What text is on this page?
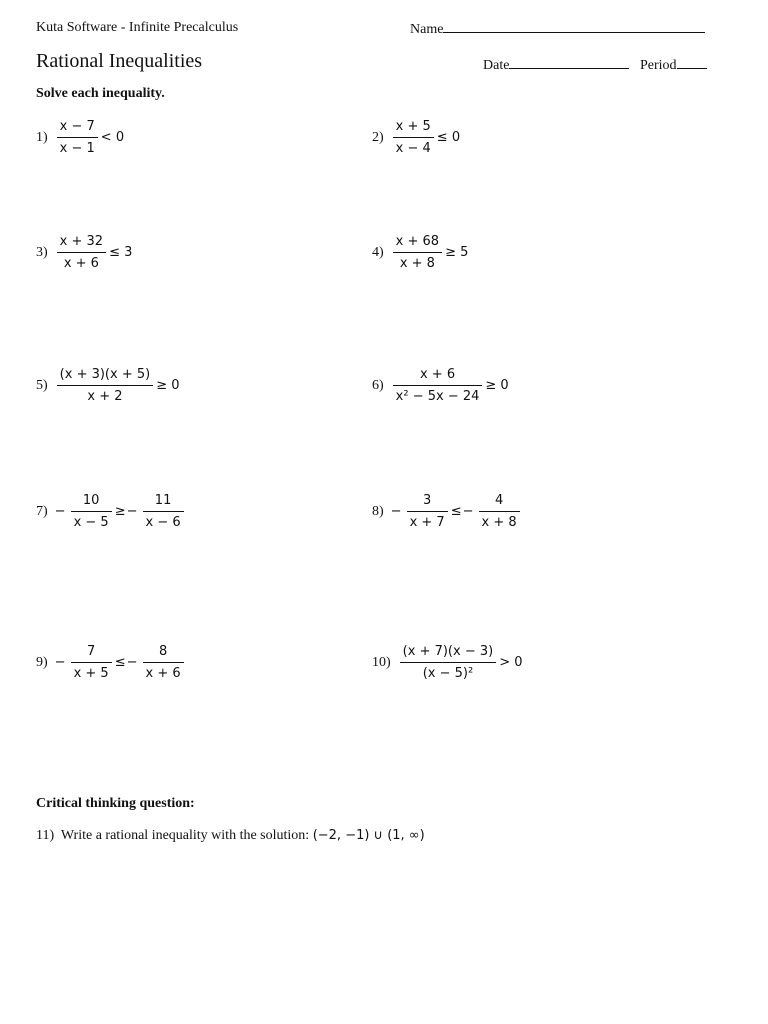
Kuta Software - Infinite Precalculus	Name
Rational Inequalities	Date	Period
Solve each inequality.
$1) \frac{x - 7}{x - 1} < 0$	$2) \frac{x + 5}{x - 4} \le 0$
$3) \frac{x + 32}{x + 6} \le 3$	$4) \frac{x + 68}{x + 8} \ge 5$
$5) \frac{(x + 3)(x + 5)}{x + 2} \ge 0$	$6) \frac{x + 6}{\text{x² − 5x − 24}} \ge 0$
$7) - \frac{10}{x - 5}$ ≥ − $\frac{11}{x - 6}$	$8) - \frac{3}{x + 7}$ ≤ − $\frac{4}{x + 8}$
$9) - \frac{7}{x + 5}$ ≤ − $\frac{8}{x + 6}$	$10) \frac{(x + 7)(x - 3)}{\text{(x − 5)²}} > 0$
Critical thinking question:
11) Write a rational inequality with the solution: (−2, −1) ∪ (1, ∞)
